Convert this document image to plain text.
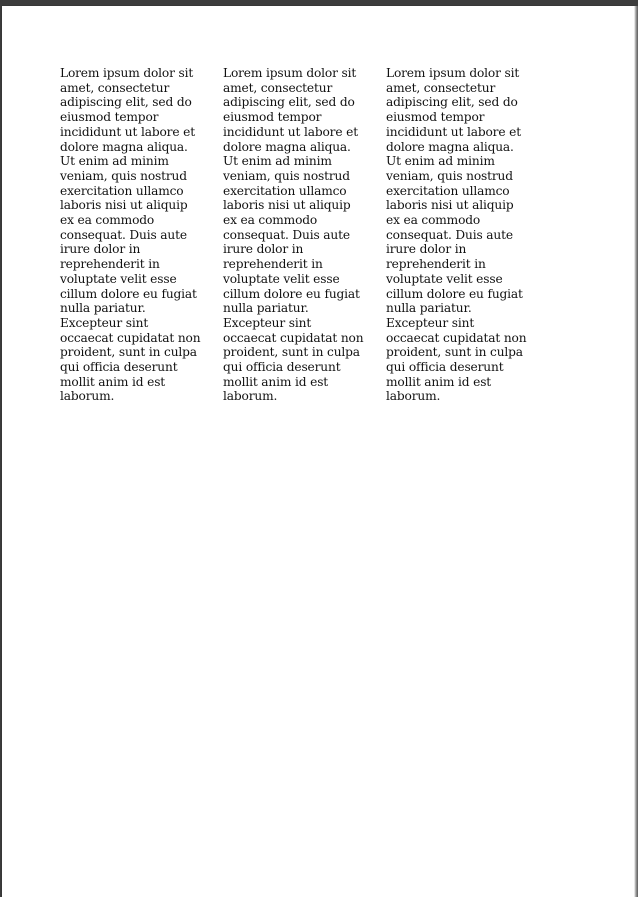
Lorem ipsum dolor sit amet, consectetur adipiscing elit, sed do eiusmod tempor incididunt ut labore et dolore magna aliqua. Ut enim ad minim veniam, quis nostrud exercitation ullamco laboris nisi ut aliquip ex ea commodo consequat. Duis aute irure dolor in reprehenderit in voluptate velit esse cillum dolore eu fugiat nulla pariatur. Excepteur sint occaecat cupidatat non proident, sunt in culpa qui officia deserunt mollit anim id est laborum.

Lorem ipsum dolor sit amet, consectetur adipiscing elit, sed do eiusmod tempor incididunt ut labore et dolore magna aliqua. Ut enim ad minim veniam, quis nostrud exercitation ullamco laboris nisi ut aliquip ex ea commodo consequat. Duis aute irure dolor in reprehenderit in voluptate velit esse cillum dolore eu fugiat nulla pariatur. Excepteur sint occaecat cupidatat non proident, sunt in culpa qui officia deserunt mollit anim id est laborum.

Lorem ipsum dolor sit amet, consectetur adipiscing elit, sed do eiusmod tempor incididunt ut labore et dolore magna aliqua. Ut enim ad minim veniam, quis nostrud exercitation ullamco laboris nisi ut aliquip ex ea commodo consequat. Duis aute irure dolor in reprehenderit in voluptate velit esse cillum dolore eu fugiat nulla pariatur. Excepteur sint occaecat cupidatat non proident, sunt in culpa qui officia deserunt mollit anim id est laborum.
